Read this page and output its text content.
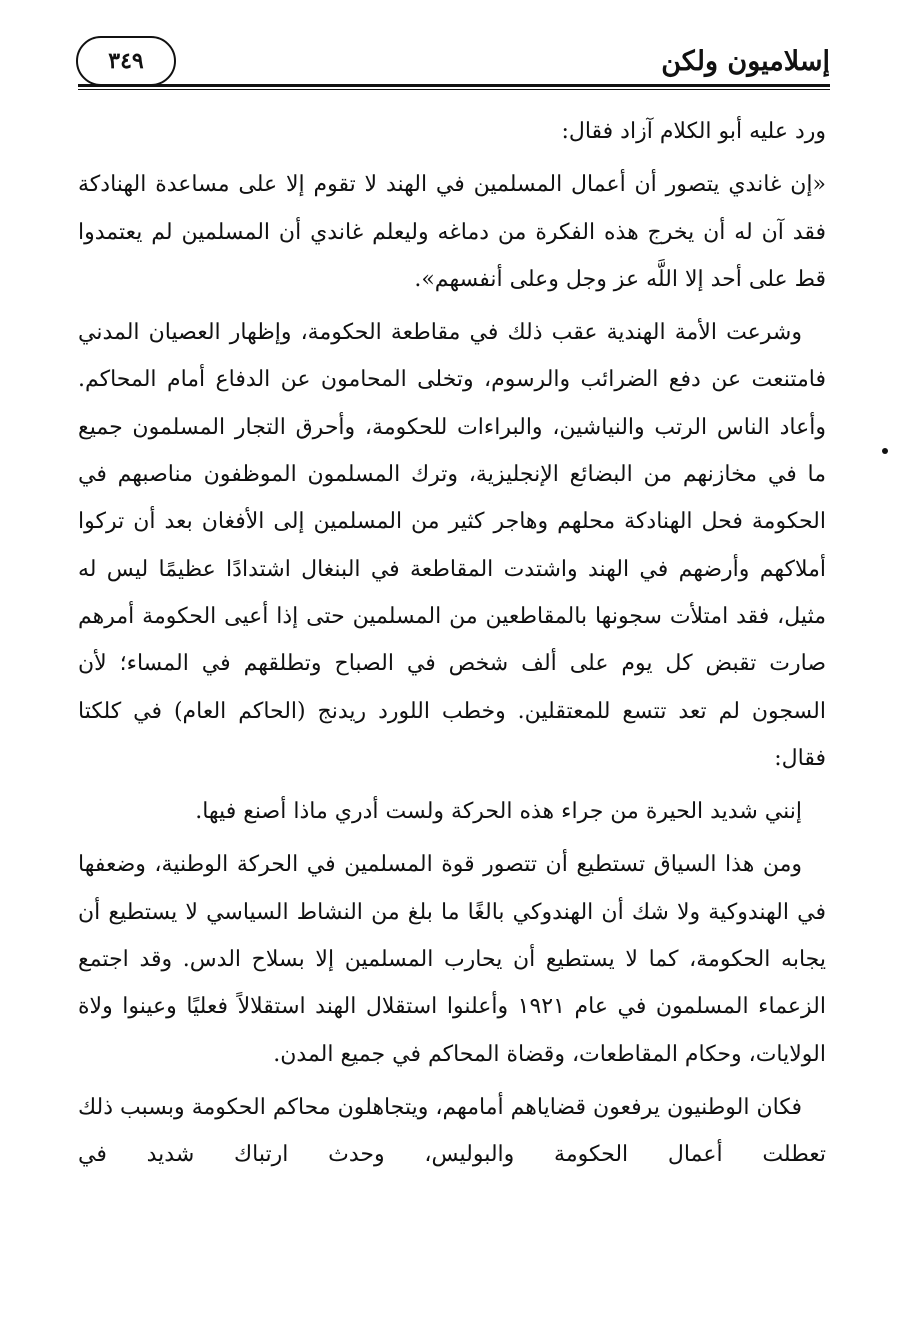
إسلاميون ولكن
٣٤٩

ورد عليه أبو الكلام آزاد فقال:

«إن غاندي يتصور أن أعمال المسلمين في الهند لا تقوم إلا على مساعدة الهنادكة فقد آن له أن يخرج هذه الفكرة من دماغه وليعلم غاندي أن المسلمين لم يعتمدوا قط على أحد إلا اللَّه عز وجل وعلى أنفسهم».

وشرعت الأمة الهندية عقب ذلك في مقاطعة الحكومة، وإظهار العصيان المدني فامتنعت عن دفع الضرائب والرسوم، وتخلى المحامون عن الدفاع أمام المحاكم. وأعاد الناس الرتب والنياشين، والبراءات للحكومة، وأحرق التجار المسلمون جميع ما في مخازنهم من البضائع الإنجليزية، وترك المسلمون الموظفون مناصبهم في الحكومة فحل الهنادكة محلهم وهاجر كثير من المسلمين إلى الأفغان بعد أن تركوا أملاكهم وأرضهم في الهند واشتدت المقاطعة في البنغال اشتدادًا عظيمًا ليس له مثيل، فقد امتلأت سجونها بالمقاطعين من المسلمين حتى إذا أعيى الحكومة أمرهم صارت تقبض كل يوم على ألف شخص في الصباح وتطلقهم في المساء؛ لأن السجون لم تعد تتسع للمعتقلين. وخطب اللورد ريدنج (الحاكم العام) في كلكتا فقال:

إنني شديد الحيرة من جراء هذه الحركة ولست أدري ماذا أصنع فيها.

ومن هذا السياق تستطيع أن تتصور قوة المسلمين في الحركة الوطنية، وضعفها في الهندوكية ولا شك أن الهندوكي بالغًا ما بلغ من النشاط السياسي لا يستطيع أن يجابه الحكومة، كما لا يستطيع أن يحارب المسلمين إلا بسلاح الدس. وقد اجتمع الزعماء المسلمون في عام ١٩٢١ وأعلنوا استقلال الهند استقلالاً فعليًا وعينوا ولاة الولايات، وحكام المقاطعات، وقضاة المحاكم في جميع المدن.

فكان الوطنيون يرفعون قضاياهم أمامهم، ويتجاهلون محاكم الحكومة وبسبب ذلك تعطلت أعمال الحكومة والبوليس، وحدث ارتباك شديد في
